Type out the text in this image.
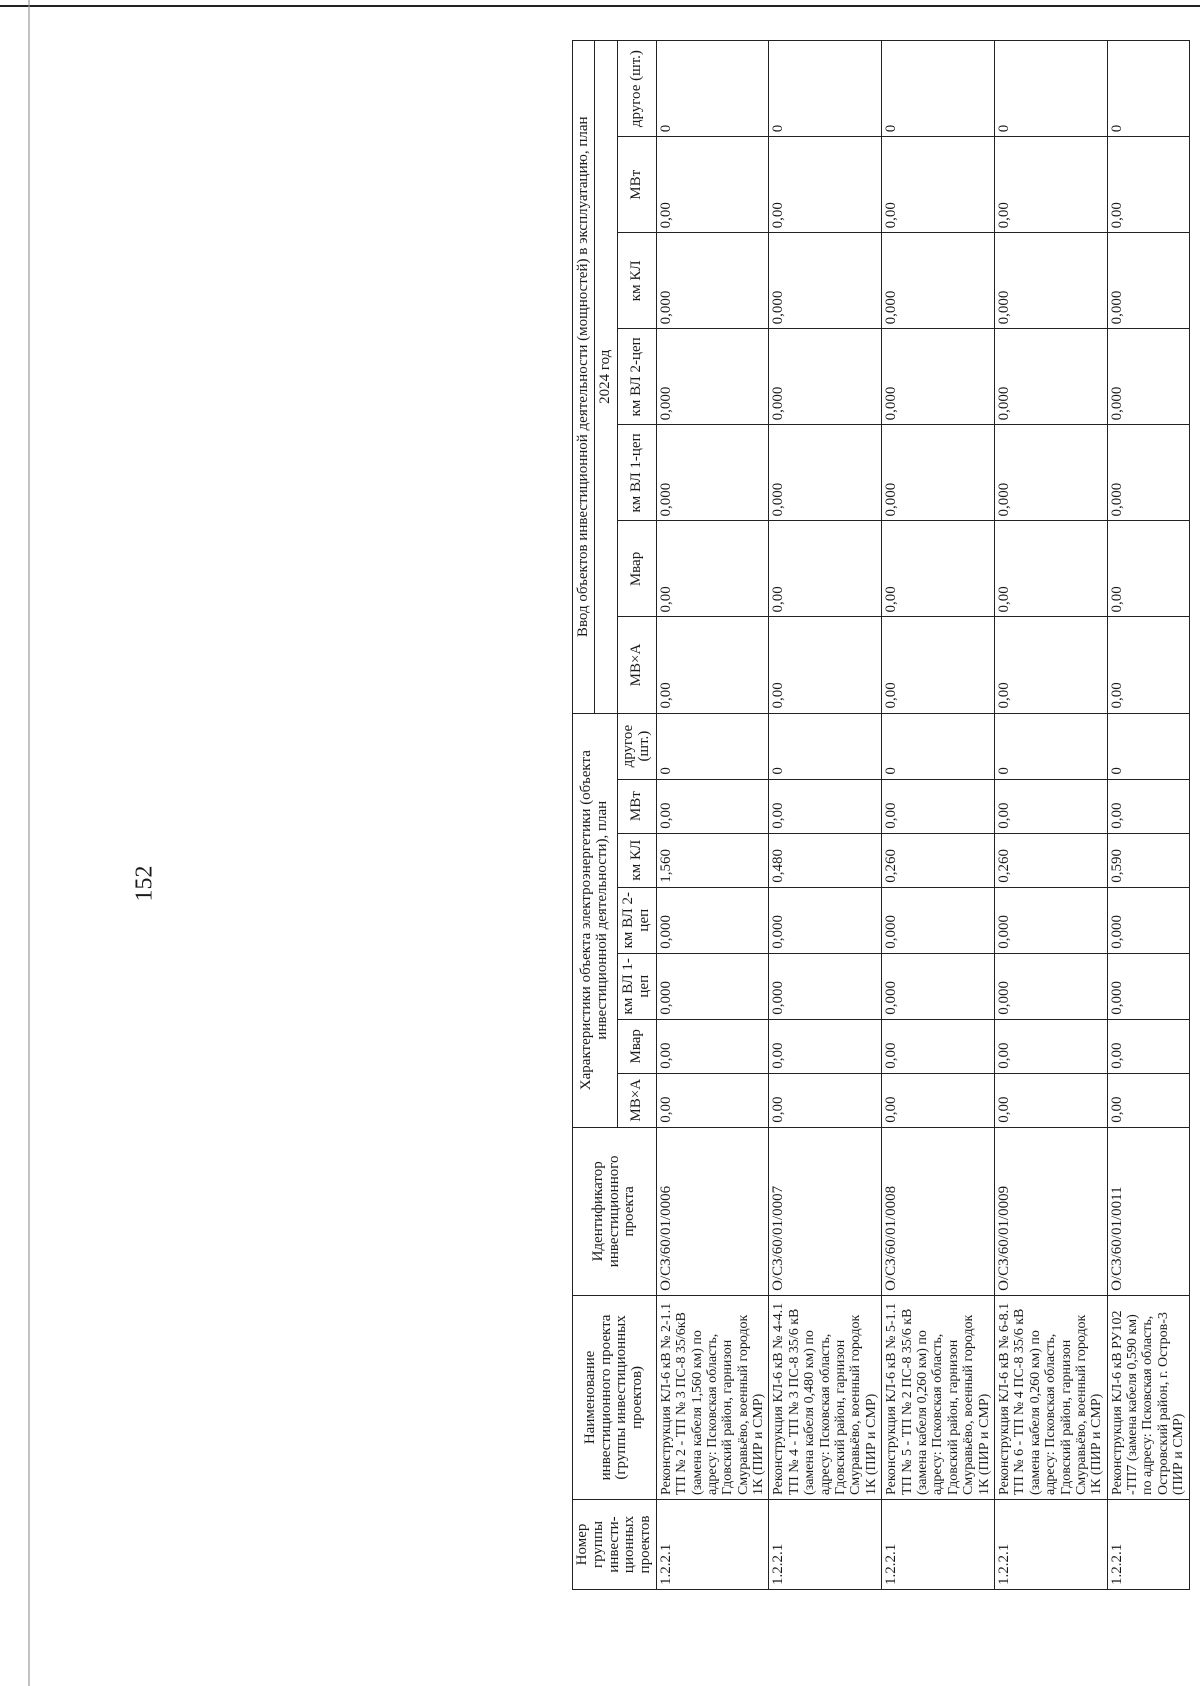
152
Номер группы инвести-ционных проектов	Наименование инвестиционного проекта (группы инвестиционных проектов)	Идентификатор инвестиционного проекта	Характеристики объекта электроэнергетики (объекта инвестиционной деятельности), план							Ввод объектов инвестиционной деятельности (мощностей) в эксплуатацию, план						
										2024 год						
			МВ×А	Мвар	км ВЛ 1-цеп	км ВЛ 2-цеп	км КЛ	МВт	другое (шт.)	МВ×А	Мвар	км ВЛ 1-цеп	км ВЛ 2-цеп	км КЛ	МВт	другое (шт.)
1.2.2.1	Реконструкция КЛ-6 кВ № 2-1.1 ТП № 2 - ТП № 3 ПС-8 35/6кВ (замена кабеля 1,560 км) по адресу: Псковская область, Гдовский район, гарнизон Смуравьёво, военный городок 1К (ПИР и СМР)	О/СЗ/60/01/0006	0,00	0,00	0,000	0,000	1,560	0,00	0	0,00	0,00	0,000	0,000	0,000	0,00	0
1.2.2.1	Реконструкция КЛ-6 кВ № 4-4.1 ТП № 4 - ТП № 3 ПС-8 35/6 кВ (замена кабеля 0,480 км) по адресу: Псковская область, Гдовский район, гарнизон Смуравьёво, военный городок 1К (ПИР и СМР)	О/СЗ/60/01/0007	0,00	0,00	0,000	0,000	0,480	0,00	0	0,00	0,00	0,000	0,000	0,000	0,00	0
1.2.2.1	Реконструкция КЛ-6 кВ № 5-1.1 ТП № 5 - ТП № 2 ПС-8 35/6 кВ (замена кабеля 0,260 км) по адресу: Псковская область, Гдовский район, гарнизон Смуравьёво, военный городок 1К (ПИР и СМР)	О/СЗ/60/01/0008	0,00	0,00	0,000	0,000	0,260	0,00	0	0,00	0,00	0,000	0,000	0,000	0,00	0
1.2.2.1	Реконструкция КЛ-6 кВ № 6-8.1 ТП № 6 - ТП № 4 ПС-8 35/6 кВ (замена кабеля 0,260 км) по адресу: Псковская область, Гдовский район, гарнизон Смуравьёво, военный городок 1К (ПИР и СМР)	О/СЗ/60/01/0009	0,00	0,00	0,000	0,000	0,260	0,00	0	0,00	0,00	0,000	0,000	0,000	0,00	0
1.2.2.1	Реконструкция КЛ-6 кВ РУ102 -ТП7 (замена кабеля 0,590 км) по адресу: Псковская область, Островский район, г. Остров-3 (ПИР и СМР)	О/СЗ/60/01/0011	0,00	0,00	0,000	0,000	0,590	0,00	0	0,00	0,00	0,000	0,000	0,000	0,00	0
